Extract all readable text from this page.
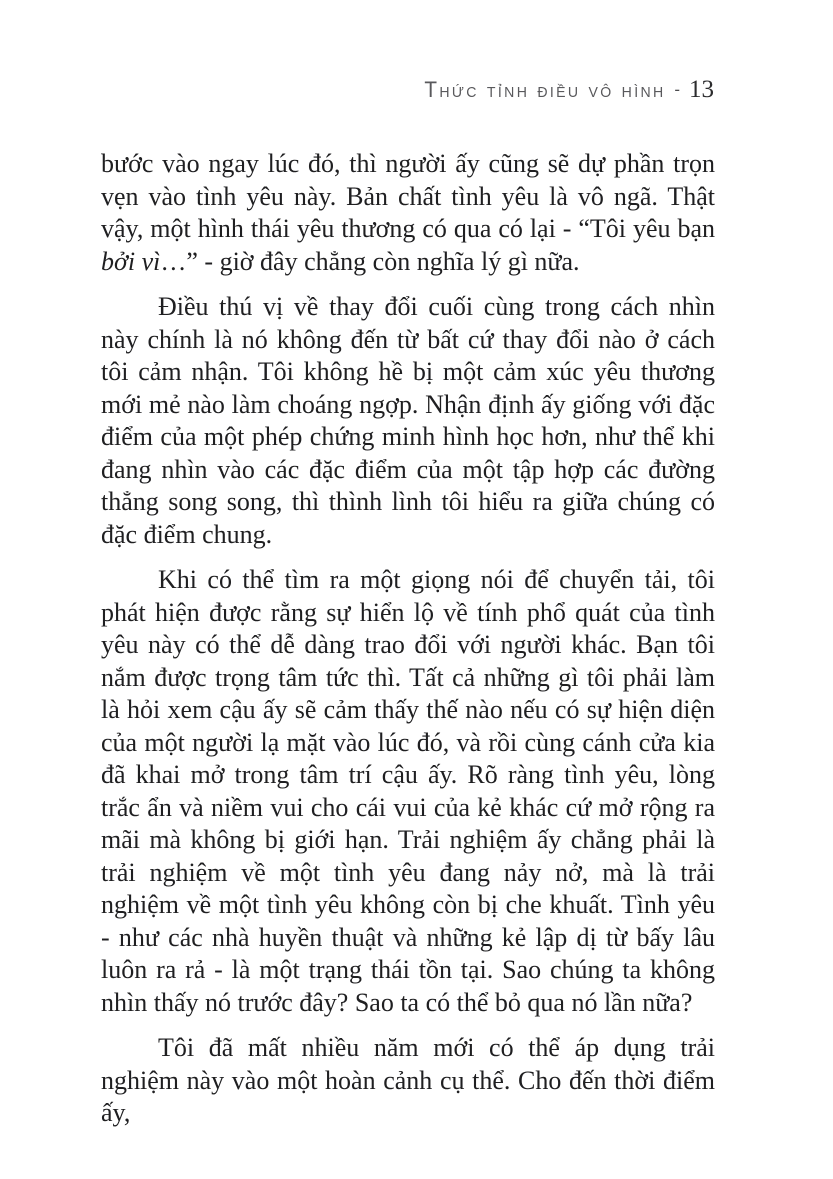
Thức tỉnh điều vô hình - 13

bước vào ngay lúc đó, thì người ấy cũng sẽ dự phần trọn vẹn vào tình yêu này. Bản chất tình yêu là vô ngã. Thật vậy, một hình thái yêu thương có qua có lại - “Tôi yêu bạn bởi vì…” - giờ đây chẳng còn nghĩa lý gì nữa.

Điều thú vị về thay đổi cuối cùng trong cách nhìn này chính là nó không đến từ bất cứ thay đổi nào ở cách tôi cảm nhận. Tôi không hề bị một cảm xúc yêu thương mới mẻ nào làm choáng ngợp. Nhận định ấy giống với đặc điểm của một phép chứng minh hình học hơn, như thể khi đang nhìn vào các đặc điểm của một tập hợp các đường thẳng song song, thì thình lình tôi hiểu ra giữa chúng có đặc điểm chung.

Khi có thể tìm ra một giọng nói để chuyển tải, tôi phát hiện được rằng sự hiển lộ về tính phổ quát của tình yêu này có thể dễ dàng trao đổi với người khác. Bạn tôi nắm được trọng tâm tức thì. Tất cả những gì tôi phải làm là hỏi xem cậu ấy sẽ cảm thấy thế nào nếu có sự hiện diện của một người lạ mặt vào lúc đó, và rồi cùng cánh cửa kia đã khai mở trong tâm trí cậu ấy. Rõ ràng tình yêu, lòng trắc ẩn và niềm vui cho cái vui của kẻ khác cứ mở rộng ra mãi mà không bị giới hạn. Trải nghiệm ấy chẳng phải là trải nghiệm về một tình yêu đang nảy nở, mà là trải nghiệm về một tình yêu không còn bị che khuất. Tình yêu - như các nhà huyền thuật và những kẻ lập dị từ bấy lâu luôn ra rả - là một trạng thái tồn tại. Sao chúng ta không nhìn thấy nó trước đây? Sao ta có thể bỏ qua nó lần nữa?

Tôi đã mất nhiều năm mới có thể áp dụng trải nghiệm này vào một hoàn cảnh cụ thể. Cho đến thời điểm ấy,
